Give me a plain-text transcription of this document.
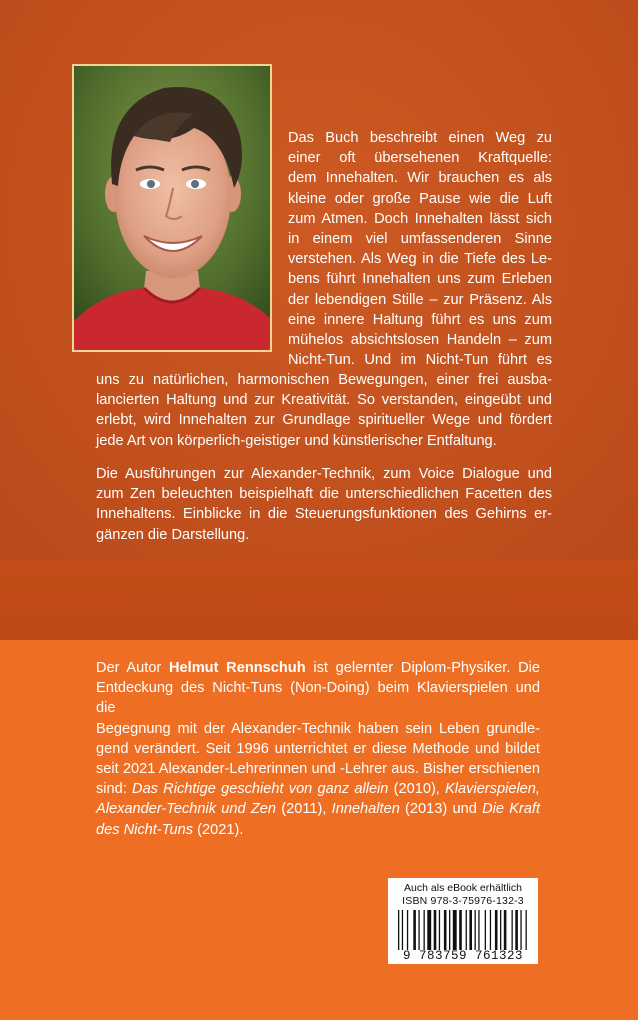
Das Buch beschreibt einen Weg zu
einer oft übersehenen Kraftquelle:
dem Innehalten. Wir brauchen es als
kleine oder große Pause wie die Luft
zum Atmen. Doch Innehalten lässt sich
in einem viel umfassenderen Sinne
verstehen. Als Weg in die Tiefe des Le-
bens führt Innehalten uns zum Erleben
der lebendigen Stille – zur Präsenz. Als
eine innere Haltung führt es uns zum
mühelos absichtslosen Handeln – zum
Nicht-Tun. Und im Nicht-Tun führt es
uns zu natürlichen, harmonischen Bewegungen, einer frei ausba-
lancierten Haltung und zur Kreativität. So verstanden, eingeübt und
erlebt, wird Innehalten zur Grundlage spiritueller Wege und fördert
jede Art von körperlich-geistiger und künstlerischer Entfaltung.
Die Ausführungen zur Alexander-Technik, zum Voice Dialogue und
zum Zen beleuchten beispielhaft die unterschiedlichen Facetten des
Innehaltens. Einblicke in die Steuerungsfunktionen des Gehirns er-
gänzen die Darstellung.
Der Autor Helmut Rennschuh ist gelernter Diplom-Physiker. Die
Entdeckung des Nicht-Tuns (Non-Doing) beim Klavierspielen und die
Begegnung mit der Alexander-Technik haben sein Leben grundle-
gend verändert. Seit 1996 unterrichtet er diese Methode und bildet
seit 2021 Alexander-Lehrerinnen und -Lehrer aus. Bisher erschienen
sind: Das Richtige geschieht von ganz allein (2010), Klavierspielen,
Alexander-Technik und Zen (2011), Innehalten (2013) und Die Kraft
des Nicht-Tuns (2021).
Auch als eBook erhältlich
ISBN 978-3-75976-132-3
9 783759 761323
